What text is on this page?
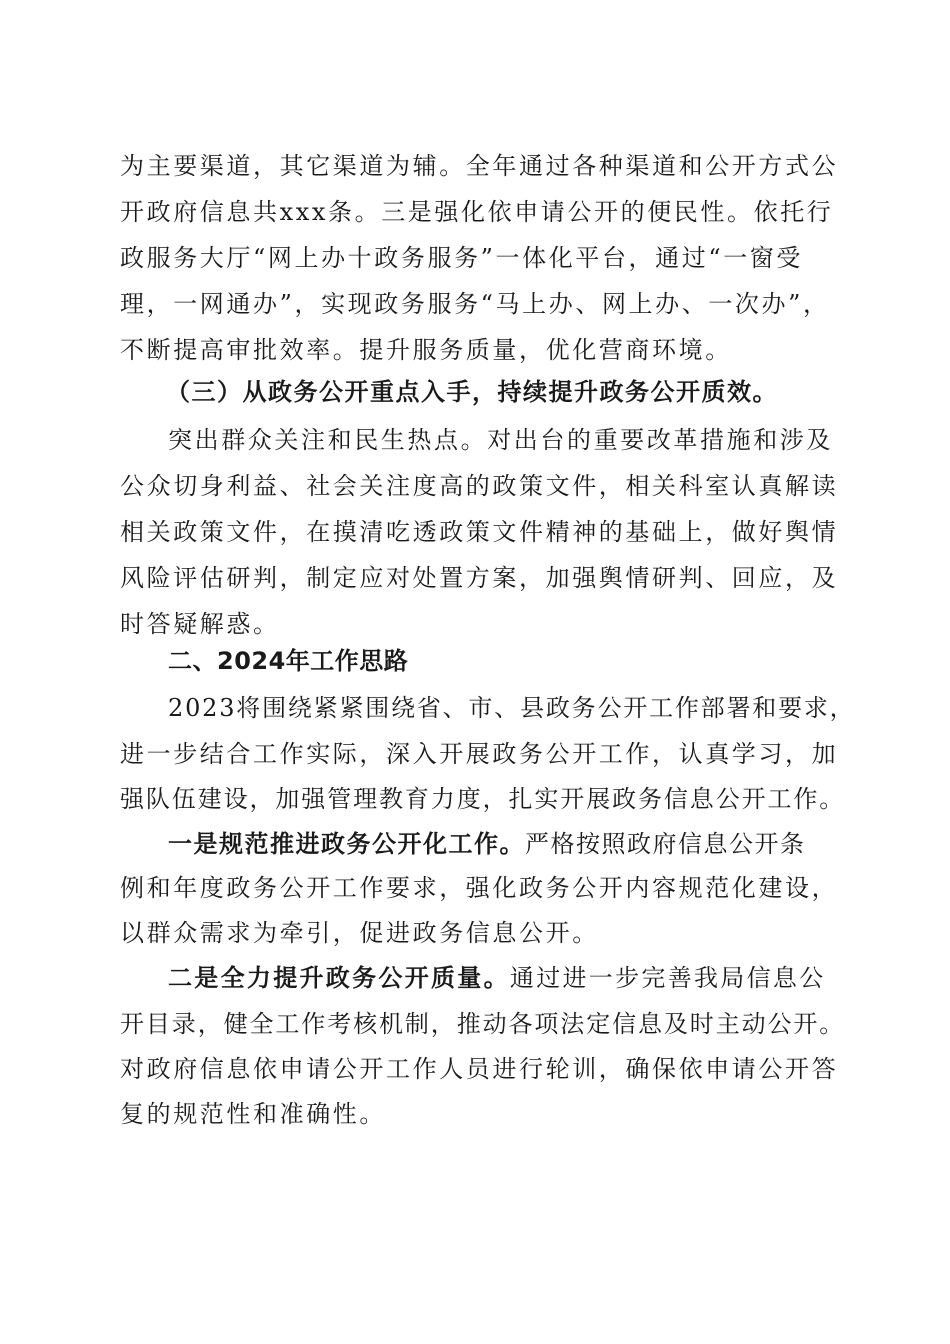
为主要渠道，其它渠道为辅。全年通过各种渠道和公开方式公
开政府信息共xxx条。三是强化依申请公开的便民性。依托行
政服务大厅“网上办十政务服务”一体化平台，通过“一窗受
理，一网通办”，实现政务服务“马上办、网上办、一次办”，
不断提高审批效率。提升服务质量，优化营商环境。
（三）从政务公开重点入手，持续提升政务公开质效。
突出群众关注和民生热点。对出台的重要改革措施和涉及
公众切身利益、社会关注度高的政策文件，相关科室认真解读
相关政策文件，在摸清吃透政策文件精神的基础上，做好舆情
风险评估研判，制定应对处置方案，加强舆情研判、回应，及
时答疑解惑。
二、2024年工作思路
2023将围绕紧紧围绕省、市、县政务公开工作部署和要求，
进一步结合工作实际，深入开展政务公开工作，认真学习，加
强队伍建设，加强管理教育力度，扎实开展政务信息公开工作。
一是规范推进政务公开化工作。严格按照政府信息公开条
例和年度政务公开工作要求，强化政务公开内容规范化建设，
以群众需求为牵引，促进政务信息公开。
二是全力提升政务公开质量。通过进一步完善我局信息公
开目录，健全工作考核机制，推动各项法定信息及时主动公开。
对政府信息依申请公开工作人员进行轮训，确保依申请公开答
复的规范性和准确性。
